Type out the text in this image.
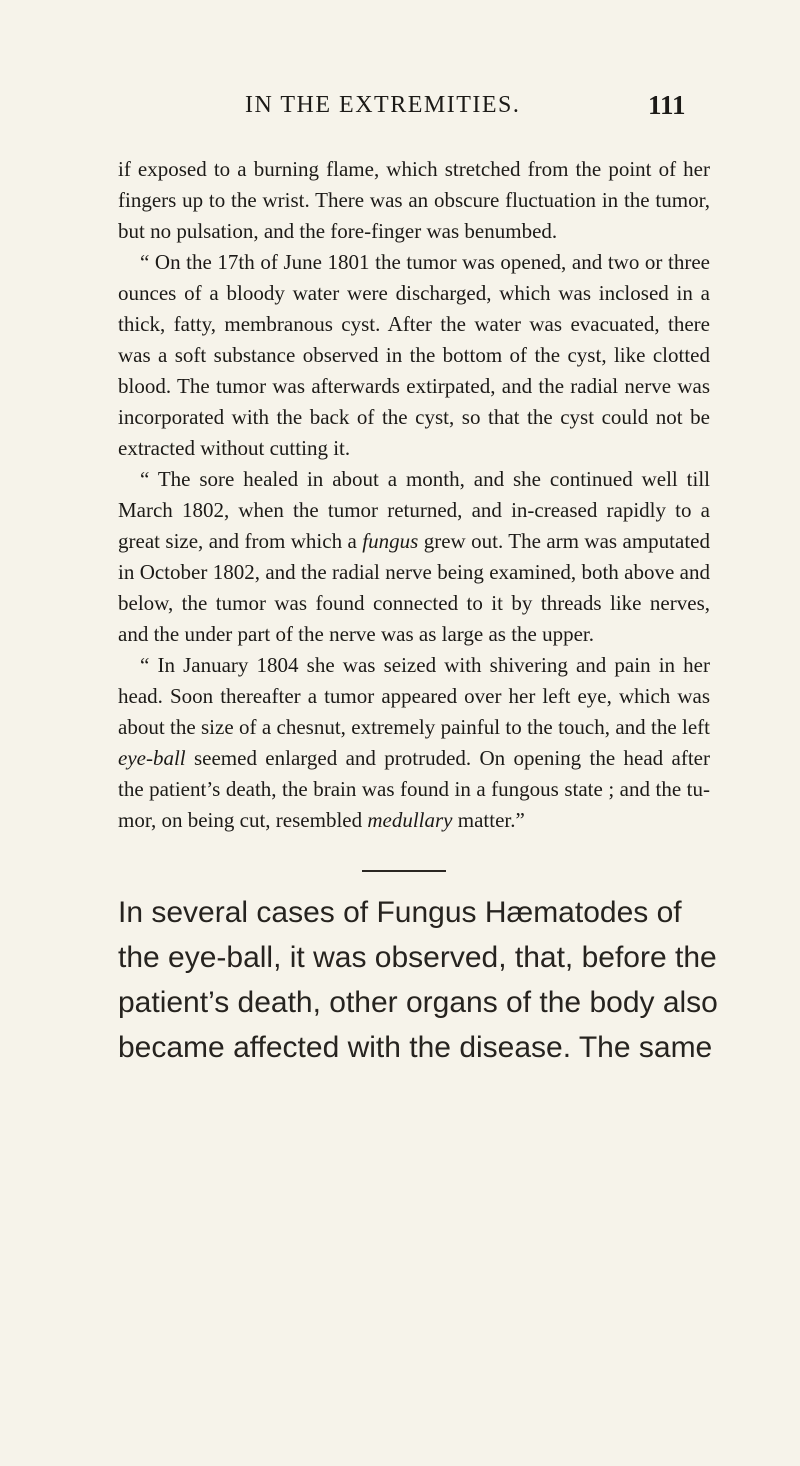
IN THE EXTREMITIES.	111

if exposed to a burning flame, which stretched from the point of her fingers up to the wrist. There was an obscure fluctuation in the tumor, but no pulsation, and the fore-finger was benumbed.

“ On the 17th of June 1801 the tumor was opened, and two or three ounces of a bloody water were discharged, which was inclosed in a thick, fatty, membranous cyst. After the water was evacuated, there was a soft substance observed in the bottom of the cyst, like clotted blood. The tumor was afterwards extirpated, and the radial nerve was incorporated with the back of the cyst, so that the cyst could not be extracted without cutting it.

“ The sore healed in about a month, and she continued well till March 1802, when the tumor returned, and in-creased rapidly to a great size, and from which a fungus grew out. The arm was amputated in October 1802, and the radial nerve being examined, both above and below, the tumor was found connected to it by threads like nerves, and the under part of the nerve was as large as the upper.

“ In January 1804 she was seized with shivering and pain in her head. Soon thereafter a tumor appeared over her left eye, which was about the size of a chesnut, extremely painful to the touch, and the left eye-ball seemed enlarged and protruded. On opening the head after the patient’s death, the brain was found in a fungous state ; and the tu-mor, on being cut, resembled medullary matter.”

In several cases of Fungus Hæmatodes of

the eye-ball, it was observed, that, before the

patient’s death, other organs of the body also

became affected with the disease. The same
